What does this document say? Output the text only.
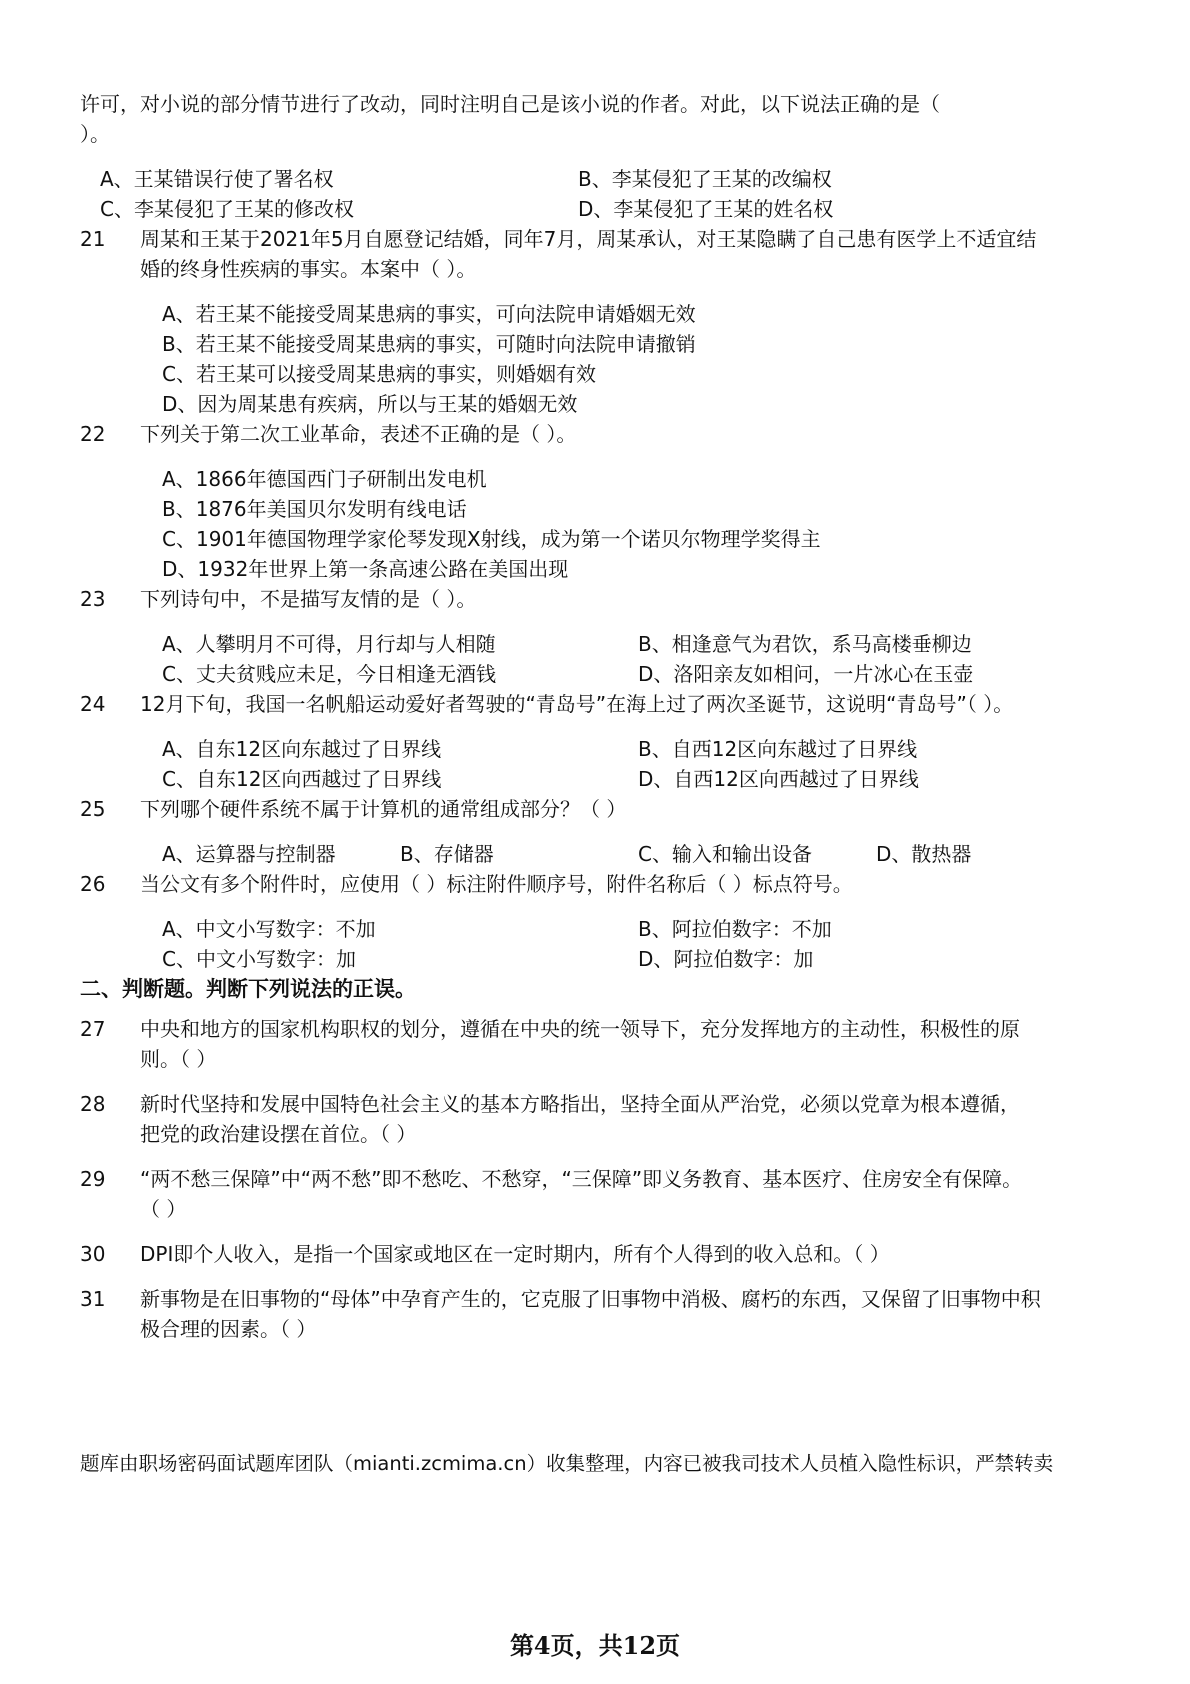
许可，对小说的部分情节进行了改动，同时注明自己是该小说的作者。对此，以下说法正确的是（
）。
A、王某错误行使了署名权	B、李某侵犯了王某的改编权
C、李某侵犯了王某的修改权	D、李某侵犯了王某的姓名权
21 周某和王某于2021年5月自愿登记结婚，同年7月，周某承认，对王某隐瞒了自己患有医学上不适宜结
婚的终身性疾病的事实。本案中（ ）。
A、若王某不能接受周某患病的事实，可向法院申请婚姻无效
B、若王某不能接受周某患病的事实，可随时向法院申请撤销
C、若王某可以接受周某患病的事实，则婚姻有效
D、因为周某患有疾病，所以与王某的婚姻无效
22 下列关于第二次工业革命，表述不正确的是（ ）。
A、1866年德国西门子研制出发电机
B、1876年美国贝尔发明有线电话
C、1901年德国物理学家伦琴发现X射线，成为第一个诺贝尔物理学奖得主
D、1932年世界上第一条高速公路在美国出现
23 下列诗句中，不是描写友情的是（ ）。
A、人攀明月不可得，月行却与人相随	B、相逢意气为君饮，系马高楼垂柳边
C、丈夫贫贱应未足，今日相逢无酒钱	D、洛阳亲友如相问，一片冰心在玉壶
24 12月下旬，我国一名帆船运动爱好者驾驶的“青岛号”在海上过了两次圣诞节，这说明“青岛号”（ ）。
A、自东12区向东越过了日界线	B、自西12区向东越过了日界线
C、自东12区向西越过了日界线	D、自西12区向西越过了日界线
25 下列哪个硬件系统不属于计算机的通常组成部分？（ ）
A、运算器与控制器	B、存储器	C、输入和输出设备	D、散热器
26 当公文有多个附件时，应使用（ ）标注附件顺序号，附件名称后（ ）标点符号。
A、中文小写数字：不加	B、阿拉伯数字：不加
C、中文小写数字：加	D、阿拉伯数字：加
二、判断题。判断下列说法的正误。
27 中央和地方的国家机构职权的划分，遵循在中央的统一领导下，充分发挥地方的主动性，积极性的原
则。（ ）
28 新时代坚持和发展中国特色社会主义的基本方略指出，坚持全面从严治党，必须以党章为根本遵循，
把党的政治建设摆在首位。（ ）
29 “两不愁三保障”中“两不愁”即不愁吃、不愁穿，“三保障”即义务教育、基本医疗、住房安全有保障。
（ ）
30 DPI即个人收入，是指一个国家或地区在一定时期内，所有个人得到的收入总和。（ ）
31 新事物是在旧事物的“母体”中孕育产生的，它克服了旧事物中消极、腐朽的东西，又保留了旧事物中积
极合理的因素。（ ）
题库由职场密码面试题库团队（mianti.zcmima.cn）收集整理，内容已被我司技术人员植入隐性标识，严禁转卖
第4页，共12页
